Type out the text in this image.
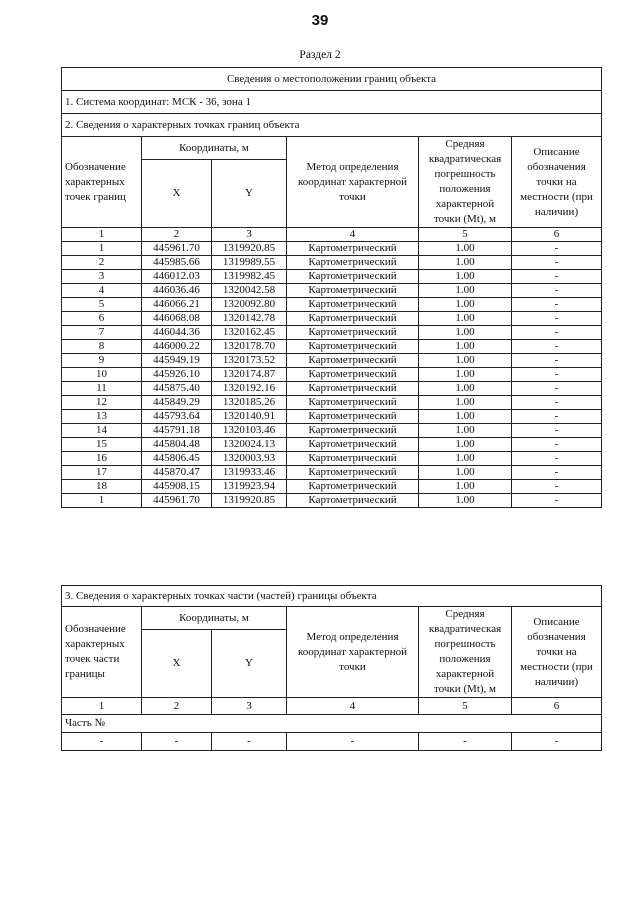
39
Раздел 2
Сведения о местоположении границ объекта					
1. Система координат: МСК - 36, зона 1					
2. Сведения о характерных точках границ объекта					
Обозначение характерных точек границ	Координаты, м		Метод определения координат характерной точки	Средняя квадратическая погрешность положения характерной точки (Mt), м	Описание обозначения точки на местности (при наличии)
	X	Y			
1	2	3	4	5	6
1	445961.70	1319920.85	Картометрический	1.00	-
2	445985.66	1319989.55	Картометрический	1.00	-
3	446012.03	1319982.45	Картометрический	1.00	-
4	446036.46	1320042.58	Картометрический	1.00	-
5	446066.21	1320092.80	Картометрический	1.00	-
6	446068.08	1320142.78	Картометрический	1.00	-
7	446044.36	1320162.45	Картометрический	1.00	-
8	446000.22	1320178.70	Картометрический	1.00	-
9	445949.19	1320173.52	Картометрический	1.00	-
10	445926.10	1320174.87	Картометрический	1.00	-
11	445875.40	1320192.16	Картометрический	1.00	-
12	445849.29	1320185.26	Картометрический	1.00	-
13	445793.64	1320140.91	Картометрический	1.00	-
14	445791.18	1320103.46	Картометрический	1.00	-
15	445804.48	1320024.13	Картометрический	1.00	-
16	445806.45	1320003.93	Картометрический	1.00	-
17	445870.47	1319933.46	Картометрический	1.00	-
18	445908.15	1319923.94	Картометрический	1.00	-
1	445961.70	1319920.85	Картометрический	1.00	-
3. Сведения о характерных точках части (частей) границы объекта					
Обозначение характерных точек части границы	Координаты, м		Метод определения координат характерной точки	Средняя квадратическая погрешность положения характерной точки (Mt), м	Описание обозначения точки на местности (при наличии)
	X	Y			
1	2	3	4	5	6
Часть №					
-	-	-	-	-	-
